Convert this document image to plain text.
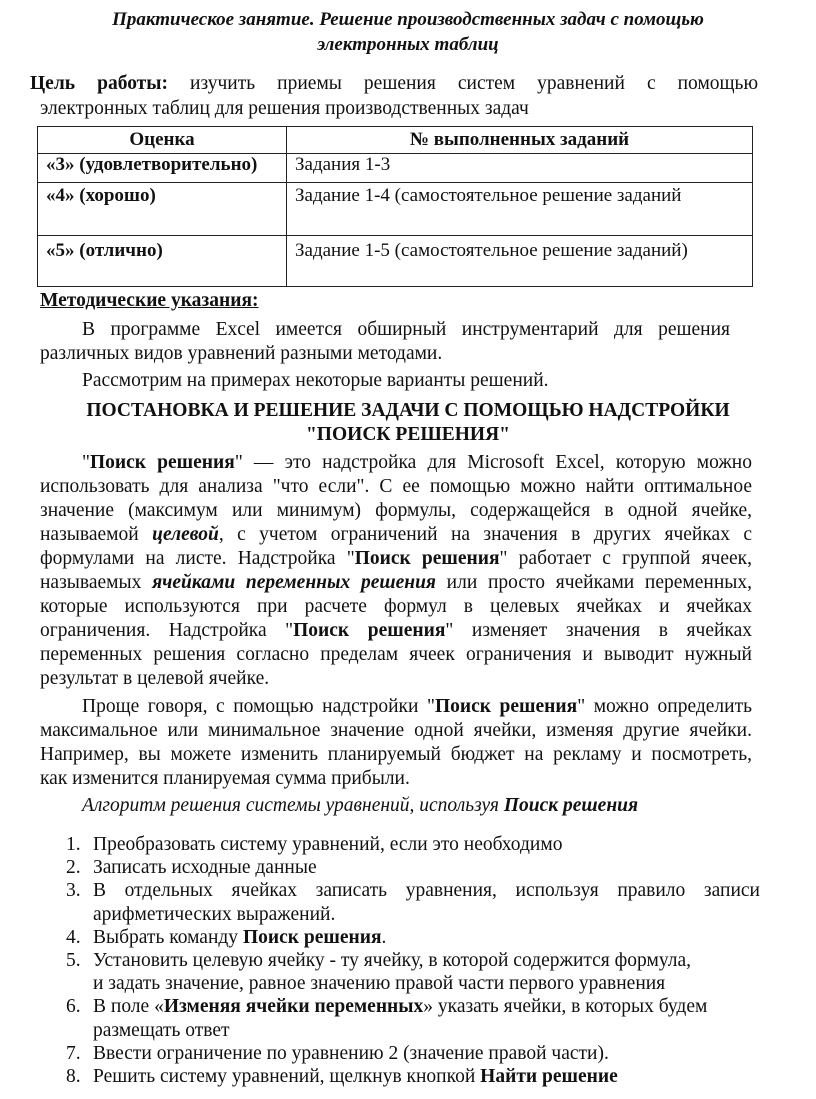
Практическое занятие. Решение производственных задач с помощью
электронных таблиц
Цель работы: изучить приемы решения систем уравнений с помощью
электронных таблиц для решения производственных задач
Оценка	№ выполненных заданий
«3» (удовлетворительно)	Задания 1-3
«4» (хорошо)	Задание 1-4 (самостоятельное решение заданий
«5» (отлично)	Задание 1-5 (самостоятельное решение заданий)
Методические указания:
В программе Excel имеется обширный инструментарий для решения
различных видов уравнений разными методами.
Рассмотрим на примерах некоторые варианты решений.
ПОСТАНОВКА И РЕШЕНИЕ ЗАДАЧИ С ПОМОЩЬЮ НАДСТРОЙКИ
"ПОИСК РЕШЕНИЯ"
"Поиск решения" — это надстройка для Microsoft Excel, которую можно
использовать для анализа "что если". С ее помощью можно найти оптимальное
значение (максимум или минимум) формулы, содержащейся в одной ячейке,
называемой целевой, с учетом ограничений на значения в других ячейках с
формулами на листе. Надстройка "Поиск решения" работает с группой ячеек,
называемых ячейками переменных решения или просто ячейками переменных,
которые используются при расчете формул в целевых ячейках и ячейках
ограничения. Надстройка "Поиск решения" изменяет значения в ячейках
переменных решения согласно пределам ячеек ограничения и выводит нужный
результат в целевой ячейке.
Проще говоря, с помощью надстройки "Поиск решения" можно определить
максимальное или минимальное значение одной ячейки, изменяя другие ячейки.
Например, вы можете изменить планируемый бюджет на рекламу и посмотреть,
как изменится планируемая сумма прибыли.
Алгоритм решения системы уравнений, используя Поиск решения
1. Преобразовать систему уравнений, если это необходимо
2. Записать исходные данные
3. В отдельных ячейках записать уравнения, используя правило записи
арифметических выражений.
4. Выбрать команду Поиск решения.
5. Установить целевую ячейку - ту ячейку, в которой содержится формула,
и задать значение, равное значению правой части первого уравнения
6. В поле «Изменяя ячейки переменных» указать ячейки, в которых будем
размещать ответ
7. Ввести ограничение по уравнению 2 (значение правой части).
8. Решить систему уравнений, щелкнув кнопкой Найти решение
